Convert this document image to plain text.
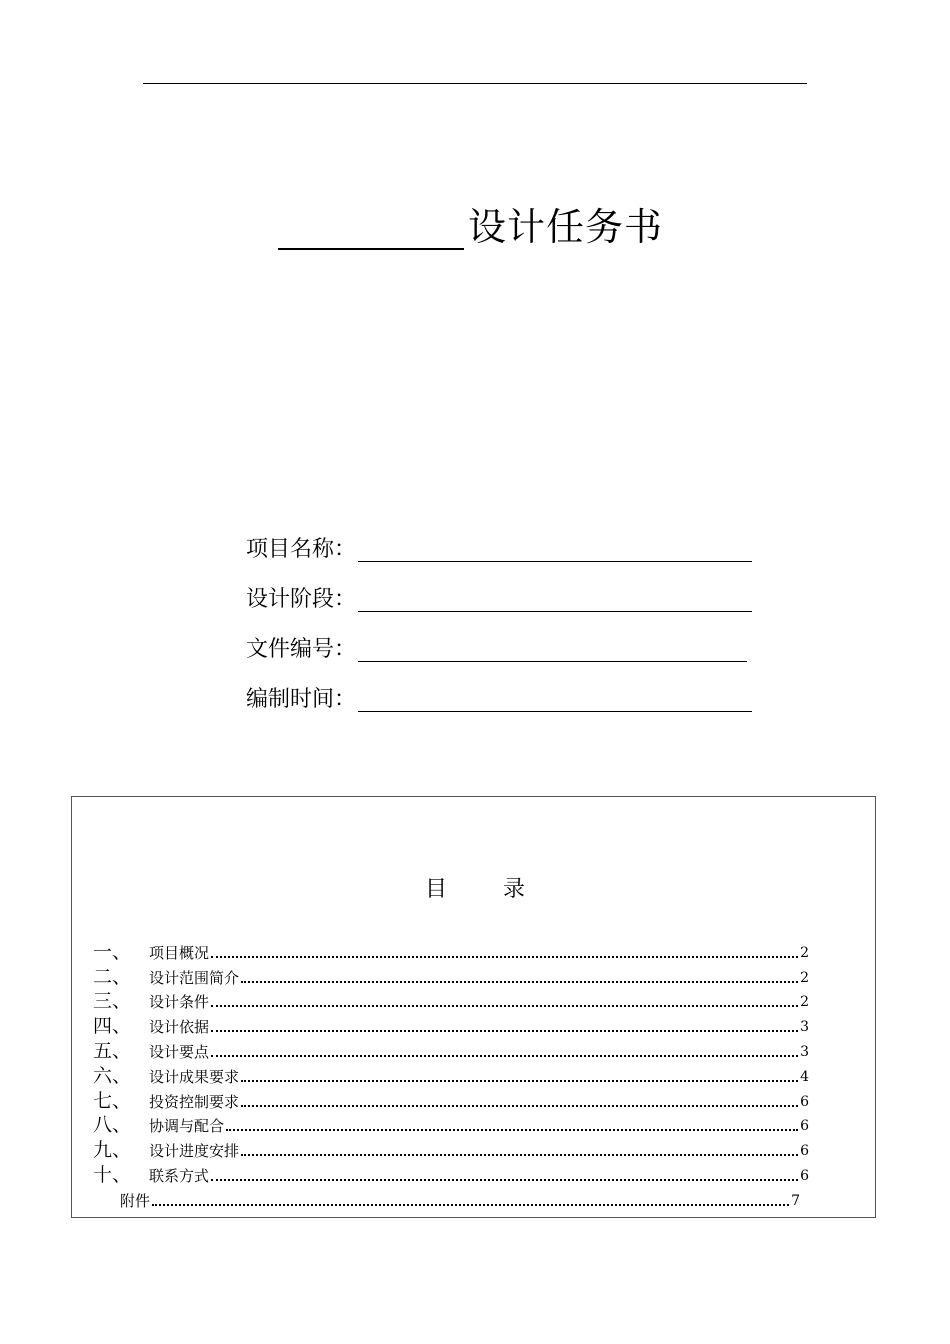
设计任务书
项目名称：
设计阶段：
文件编号：
编制时间：
目	录
一、	项目概况	2
二、	设计范围简介	2
三、	设计条件	2
四、	设计依据	3
五、	设计要点	3
六、	设计成果要求	4
七、	投资控制要求	6
八、	协调与配合	6
九、	设计进度安排	6
十、	联系方式	6
附件	7
